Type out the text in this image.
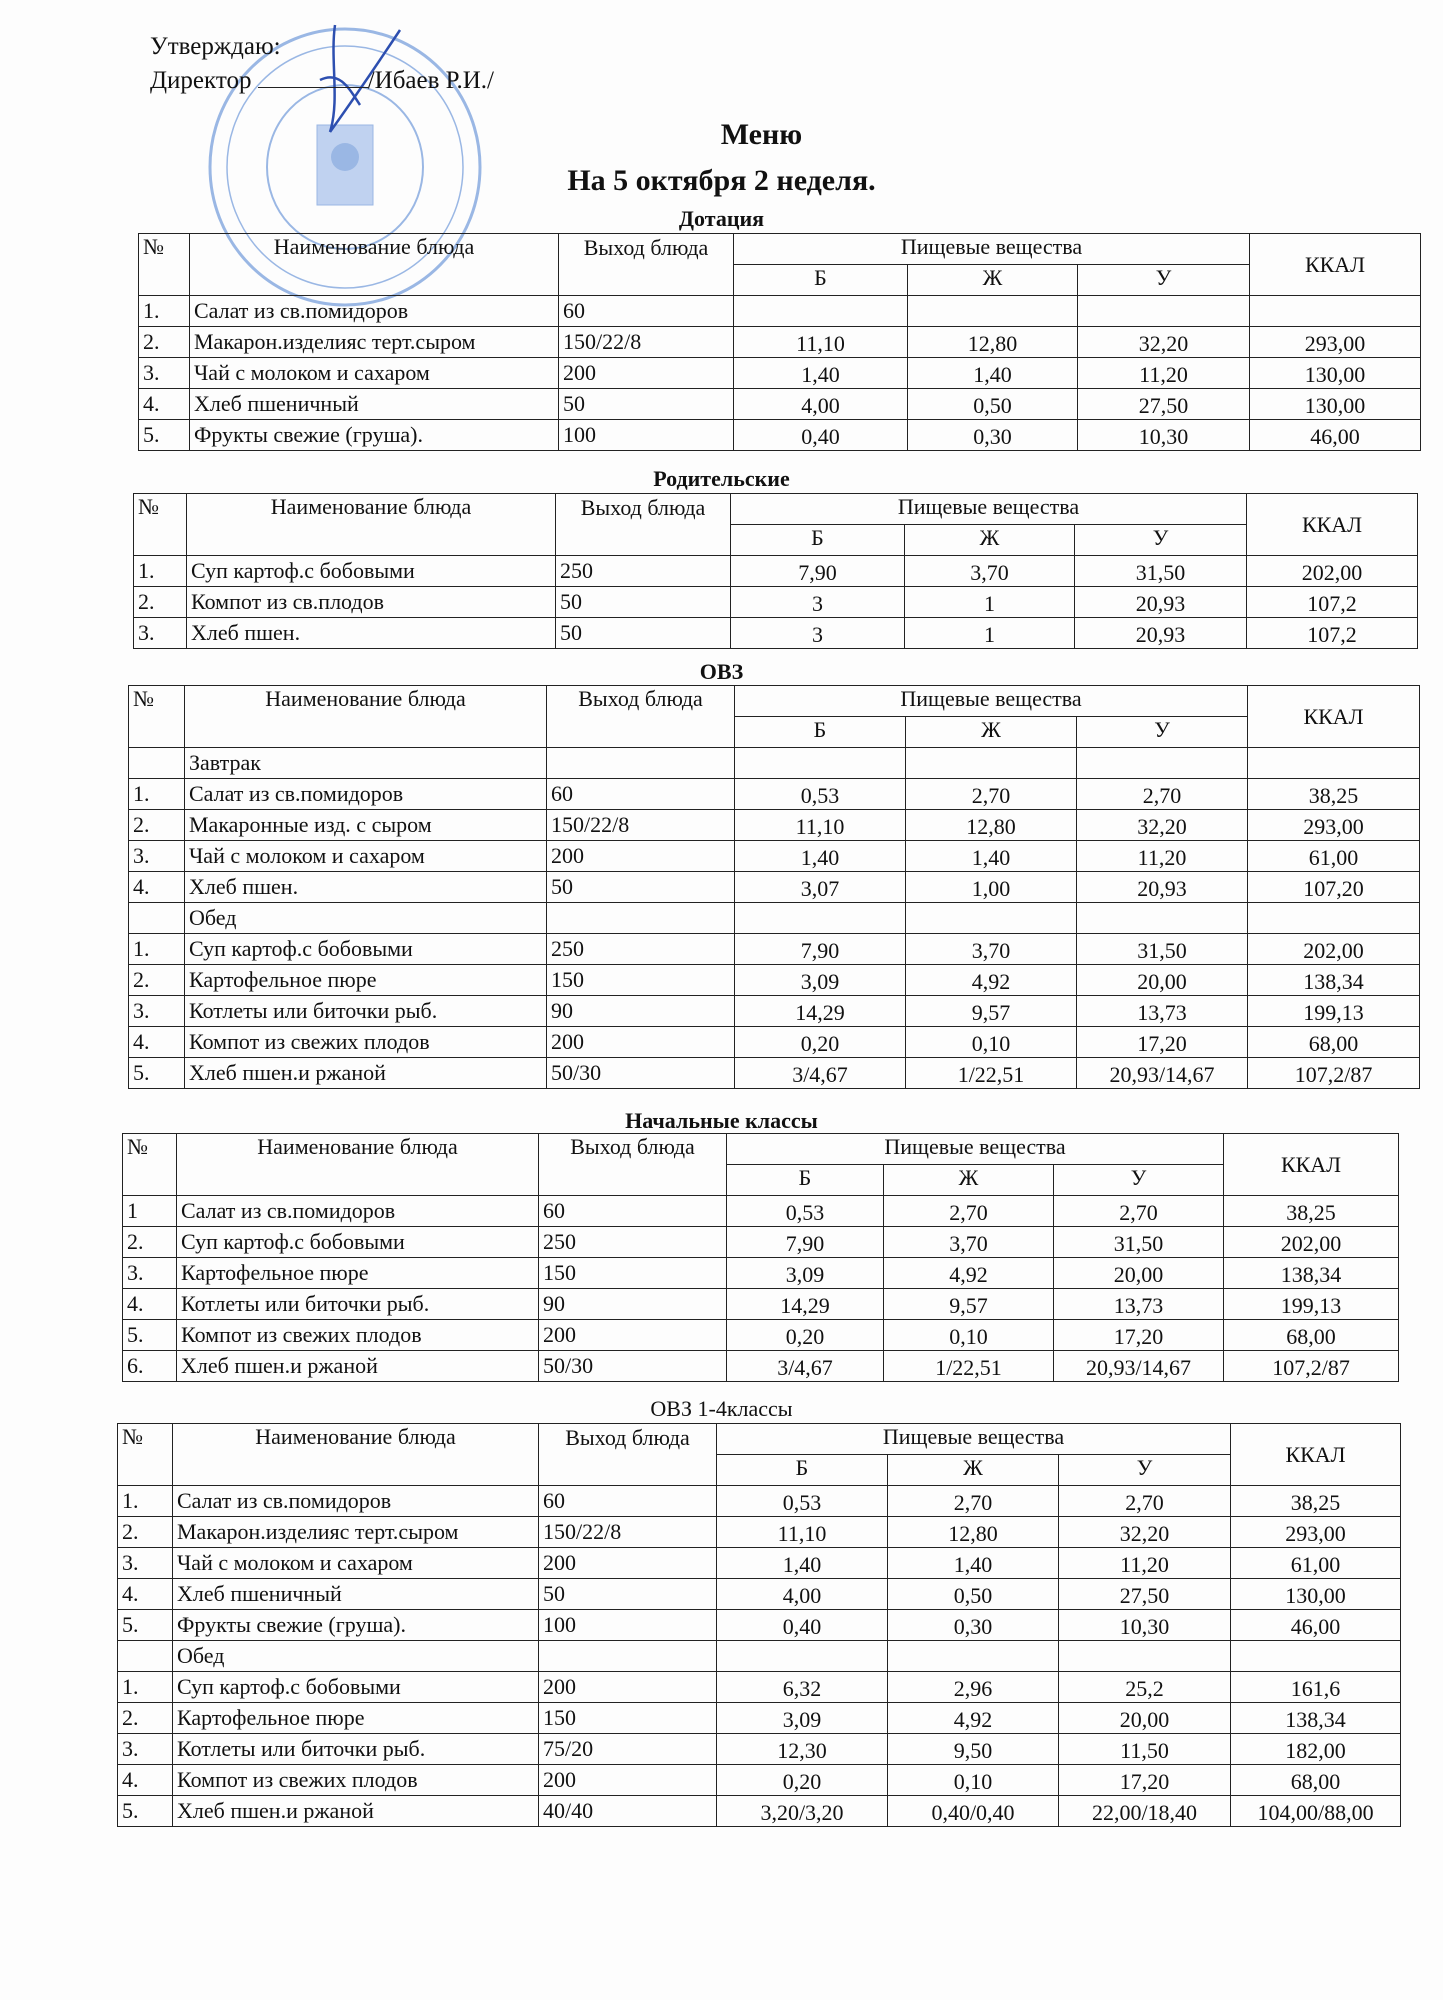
Утверждаю:
Директор	/Ибаев Р.И./
Меню
На 5 октября 2 неделя.
Дотация
№	Наименование блюда	Выход блюда	Пищевые вещества			ККАЛ
			Б	Ж	У	
1.	Салат из св.помидоров	60				
2.	Макарон.изделияс терт.сыром	150/22/8	11,10	12,80	32,20	293,00
3.	Чай с молоком и сахаром	200	1,40	1,40	11,20	130,00
4.	Хлеб пшеничный	50	4,00	0,50	27,50	130,00
5.	Фрукты свежие (груша).	100	0,40	0,30	10,30	46,00
Родительские
№	Наименование блюда	Выход блюда	Пищевые вещества			ККАЛ
			Б	Ж	У	
1.	Суп картоф.с бобовыми	250	7,90	3,70	31,50	202,00
2.	Компот из св.плодов	50	3	1	20,93	107,2
3.	Хлеб пшен.	50	3	1	20,93	107,2
ОВЗ
№	Наименование блюда	Выход блюда	Пищевые вещества			ККАЛ
			Б	Ж	У	
	Завтрак					
1.	Салат из св.помидоров	60	0,53	2,70	2,70	38,25
2.	Макаронные изд. с сыром	150/22/8	11,10	12,80	32,20	293,00
3.	Чай с молоком и сахаром	200	1,40	1,40	11,20	61,00
4.	Хлеб пшен.	50	3,07	1,00	20,93	107,20
	Обед					
1.	Суп картоф.с бобовыми	250	7,90	3,70	31,50	202,00
2.	Картофельное пюре	150	3,09	4,92	20,00	138,34
3.	Котлеты или биточки рыб.	90	14,29	9,57	13,73	199,13
4.	Компот из свежих плодов	200	0,20	0,10	17,20	68,00
5.	Хлеб пшен.и ржаной	50/30	3/4,67	1/22,51	20,93/14,67	107,2/87
Начальные классы
№	Наименование блюда	Выход блюда	Пищевые вещества			ККАЛ
			Б	Ж	У	
1	Салат из св.помидоров	60	0,53	2,70	2,70	38,25
2.	Суп картоф.с бобовыми	250	7,90	3,70	31,50	202,00
3.	Картофельное пюре	150	3,09	4,92	20,00	138,34
4.	Котлеты или биточки рыб.	90	14,29	9,57	13,73	199,13
5.	Компот из свежих плодов	200	0,20	0,10	17,20	68,00
6.	Хлеб пшен.и ржаной	50/30	3/4,67	1/22,51	20,93/14,67	107,2/87
ОВЗ 1-4классы
№	Наименование блюда	Выход блюда	Пищевые вещества			ККАЛ
			Б	Ж	У	
1.	Салат из св.помидоров	60	0,53	2,70	2,70	38,25
2.	Макарон.изделияс терт.сыром	150/22/8	11,10	12,80	32,20	293,00
3.	Чай с молоком и сахаром	200	1,40	1,40	11,20	61,00
4.	Хлеб пшеничный	50	4,00	0,50	27,50	130,00
5.	Фрукты свежие (груша).	100	0,40	0,30	10,30	46,00
	Обед					
1.	Суп картоф.с бобовыми	200	6,32	2,96	25,2	161,6
2.	Картофельное пюре	150	3,09	4,92	20,00	138,34
3.	Котлеты или биточки рыб.	75/20	12,30	9,50	11,50	182,00
4.	Компот из свежих плодов	200	0,20	0,10	17,20	68,00
5.	Хлеб пшен.и ржаной	40/40	3,20/3,20	0,40/0,40	22,00/18,40	104,00/88,00
